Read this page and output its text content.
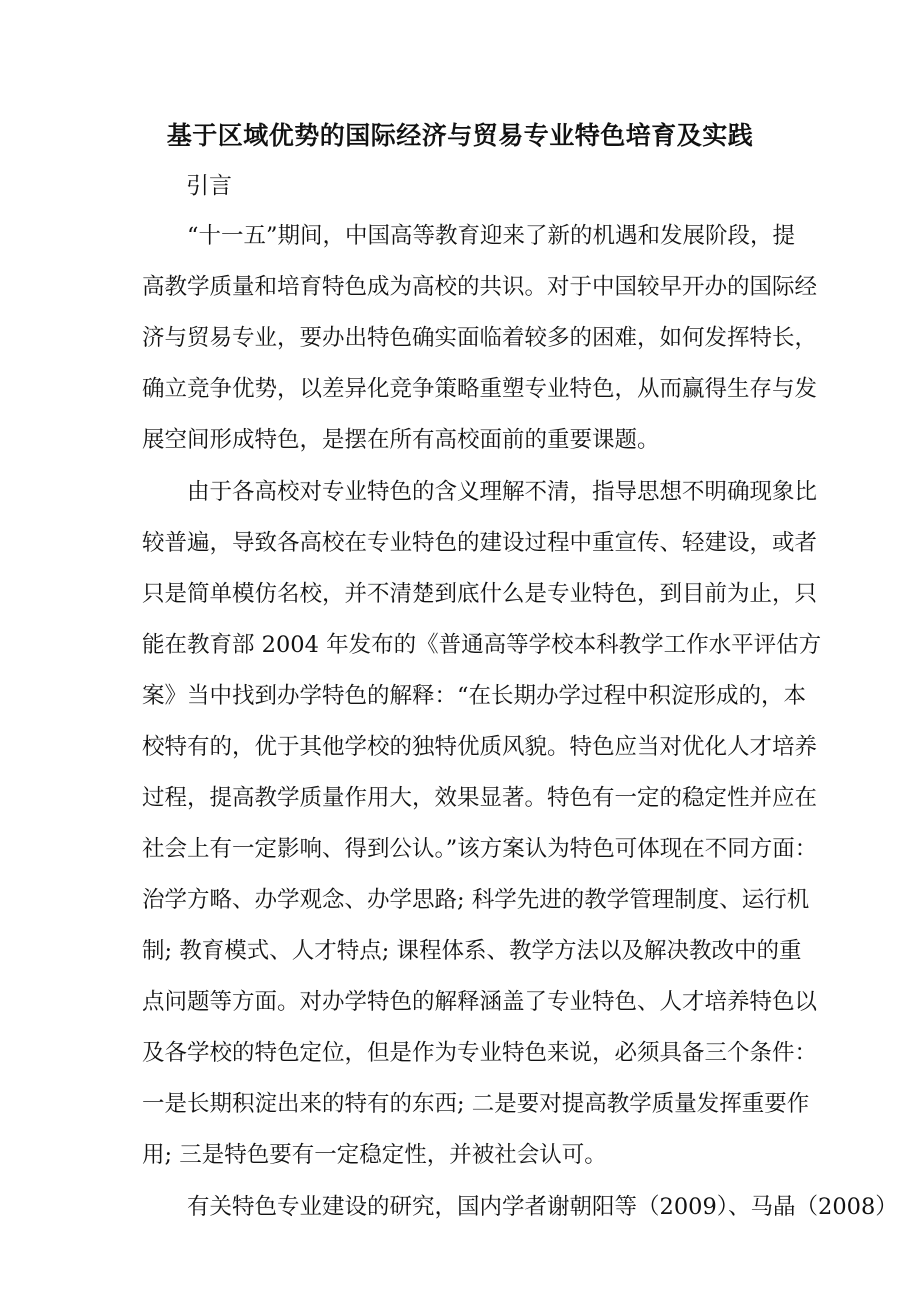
基于区域优势的国际经济与贸易专业特色培育及实践
引言
“十一五”期间，中国高等教育迎来了新的机遇和发展阶段，提
高教学质量和培育特色成为高校的共识。对于中国较早开办的国际经
济与贸易专业，要办出特色确实面临着较多的困难，如何发挥特长，
确立竞争优势，以差异化竞争策略重塑专业特色，从而赢得生存与发
展空间形成特色，是摆在所有高校面前的重要课题。
由于各高校对专业特色的含义理解不清，指导思想不明确现象比
较普遍，导致各高校在专业特色的建设过程中重宣传、轻建设，或者
只是简单模仿名校，并不清楚到底什么是专业特色，到目前为止，只
能在教育部 2004 年发布的《普通高等学校本科教学工作水平评估方
案》当中找到办学特色的解释：“在长期办学过程中积淀形成的，本
校特有的，优于其他学校的独特优质风貌。特色应当对优化人才培养
过程，提高教学质量作用大，效果显著。特色有一定的稳定性并应在
社会上有一定影响、得到公认。”该方案认为特色可体现在不同方面：
治学方略、办学观念、办学思路; 科学先进的教学管理制度、运行机
制; 教育模式、人才特点; 课程体系、教学方法以及解决教改中的重
点问题等方面。对办学特色的解释涵盖了专业特色、人才培养特色以
及各学校的特色定位，但是作为专业特色来说，必须具备三个条件：
一是长期积淀出来的特有的东西; 二是要对提高教学质量发挥重要作
用; 三是特色要有一定稳定性，并被社会认可。
有关特色专业建设的研究，国内学者谢朝阳等（2009）、马晶（2008）
